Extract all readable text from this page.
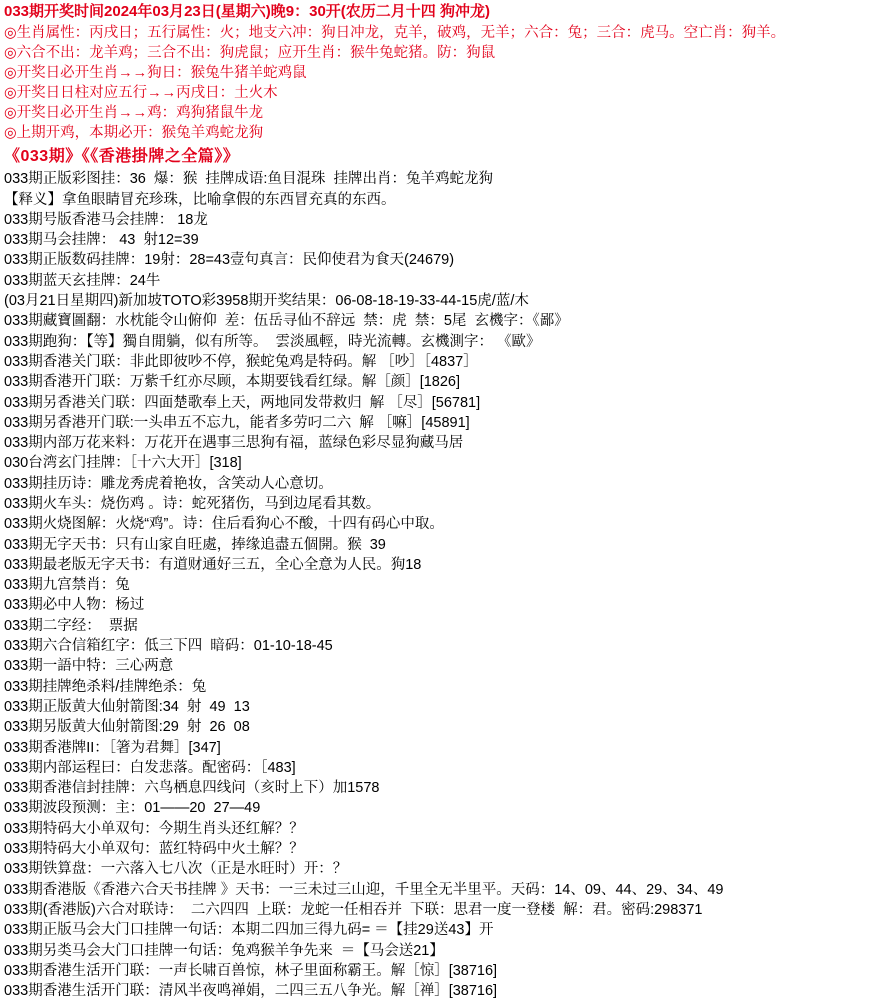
033期开奖时间2024年03月23日(星期六)晚9：30开(农历二月十四 狗冲龙)
◎生肖属性：丙戌日；五行属性：火；地支六冲：狗日冲龙，克羊，破鸡，无羊；六合：兔；三合：虎马。空亡肖：狗羊。
◎六合不出：龙羊鸡；三合不出：狗虎鼠；应开生肖：猴牛兔蛇猪。防：狗鼠
◎开奖日必开生肖→→狗日：猴兔牛猪羊蛇鸡鼠
◎开奖日日柱对应五行→→丙戌日：土火木
◎开奖日必开生肖→→鸡：鸡狗猪鼠牛龙
◎上期开鸡，本期必开：猴兔羊鸡蛇龙狗
《033期》《《香港掛牌之全篇》》
033期正版彩图挂：36  爆：猴  挂牌成语:鱼目混珠  挂牌出肖：兔羊鸡蛇龙狗
【释义】拿鱼眼睛冒充珍珠，比喻拿假的东西冒充真的东西。
033期号版香港马会挂牌： 18龙
033期马会挂牌： 43  射12=39
033期正版数码挂牌：19射：28=43壹句真言：民仰使君为食天(24679)
033期蓝天玄挂牌：24牛
(03月21日星期四)新加坡TOTO彩3958期开奖结果：06-08-18-19-33-44-15虎/蓝/木
033期藏寶圖翻：水枕能令山俯仰  差：伍岳寻仙不辞远  禁：虎  禁：5尾  玄機字：《鄙》
033期跑狗：【等】獨自閒躺，似有所等。  雲淡風輕，時光流轉。玄機測字： 《歐》
033期香港关门联：非此即彼吵不停，猴蛇兔鸡是特码。解 ［吵］［4837］
033期香港开门联：万紫千红亦尽顾，本期要钱看红绿。解［颜］[1826]
033期另香港关门联：四面楚歌奉上天，两地同发带救归  解 ［尽］[56781]
033期另香港开门联:一头串五不忘九，能者多劳叼二六  解 ［嘛］[45891]
033期内部万花来料：万花开在遇事三思狗有福，蓝绿色彩尽显狗藏马居
030台湾玄门挂牌：［十六大开］[318]
033期挂历诗：雕龙秀虎着艳妆，含笑动人心意切。
033期火车头：烧伤鸡 。诗：蛇死猪伤，马到边尾看其数。
033期火烧图解：火烧“鸡”。诗：住后看狗心不酸，十四有码心中取。
033期无字天书：只有山家自旺處，捧缘追盡五個開。猴  39
033期最老版无字天书：有道财通好三五，全心全意为人民。狗18
033期九宫禁肖：兔
033期必中人物：杨过
033期二字经：  票据
033期六合信箱红字：低三下四  暗码：01-10-18-45
033期一語中特：三心两意
033期挂牌绝杀料/挂牌绝杀：兔
033期正版黄大仙射箭图:34  射  49  13
033期另版黄大仙射箭图:29  射  26  08
033期香港牌II：［箸为君舞］[347]
033期内部运程曰：白发悲落。配密码：［483]
033期香港信封挂牌：六鸟栖息四线问（亥时上下）加1578
033期波段预测：主：01——20  27—49
033期特码大小单双句：今期生肖头还红解？？
033期特码大小单双句：蓝红特码中火土解？？
033期铁算盘：一六落入七八次（正是水旺时）开：？
033期香港版《香港六合天书挂牌 》天书：一三未过三山迎，千里全无半里平。天码：14、09、44、29、34、49
033期(香港版)六合对联诗：  二六四四  上联：龙蛇一任相吞并  下联：思君一度一登楼  解：君。密码:298371
033期正版马会大门口挂牌一句话：本期二四加三得九码= ＝【挂29送43】开
033期另类马会大门口挂牌一句话：兔鸡猴羊争先来  ＝【马会送21】
033期香港生活开门联：一声长啸百兽惊，林子里面称霸王。解［惊］[38716]
033期香港生活开门联：清风半夜鸣禅娟，二四三五八争光。解［禅］[38716]
